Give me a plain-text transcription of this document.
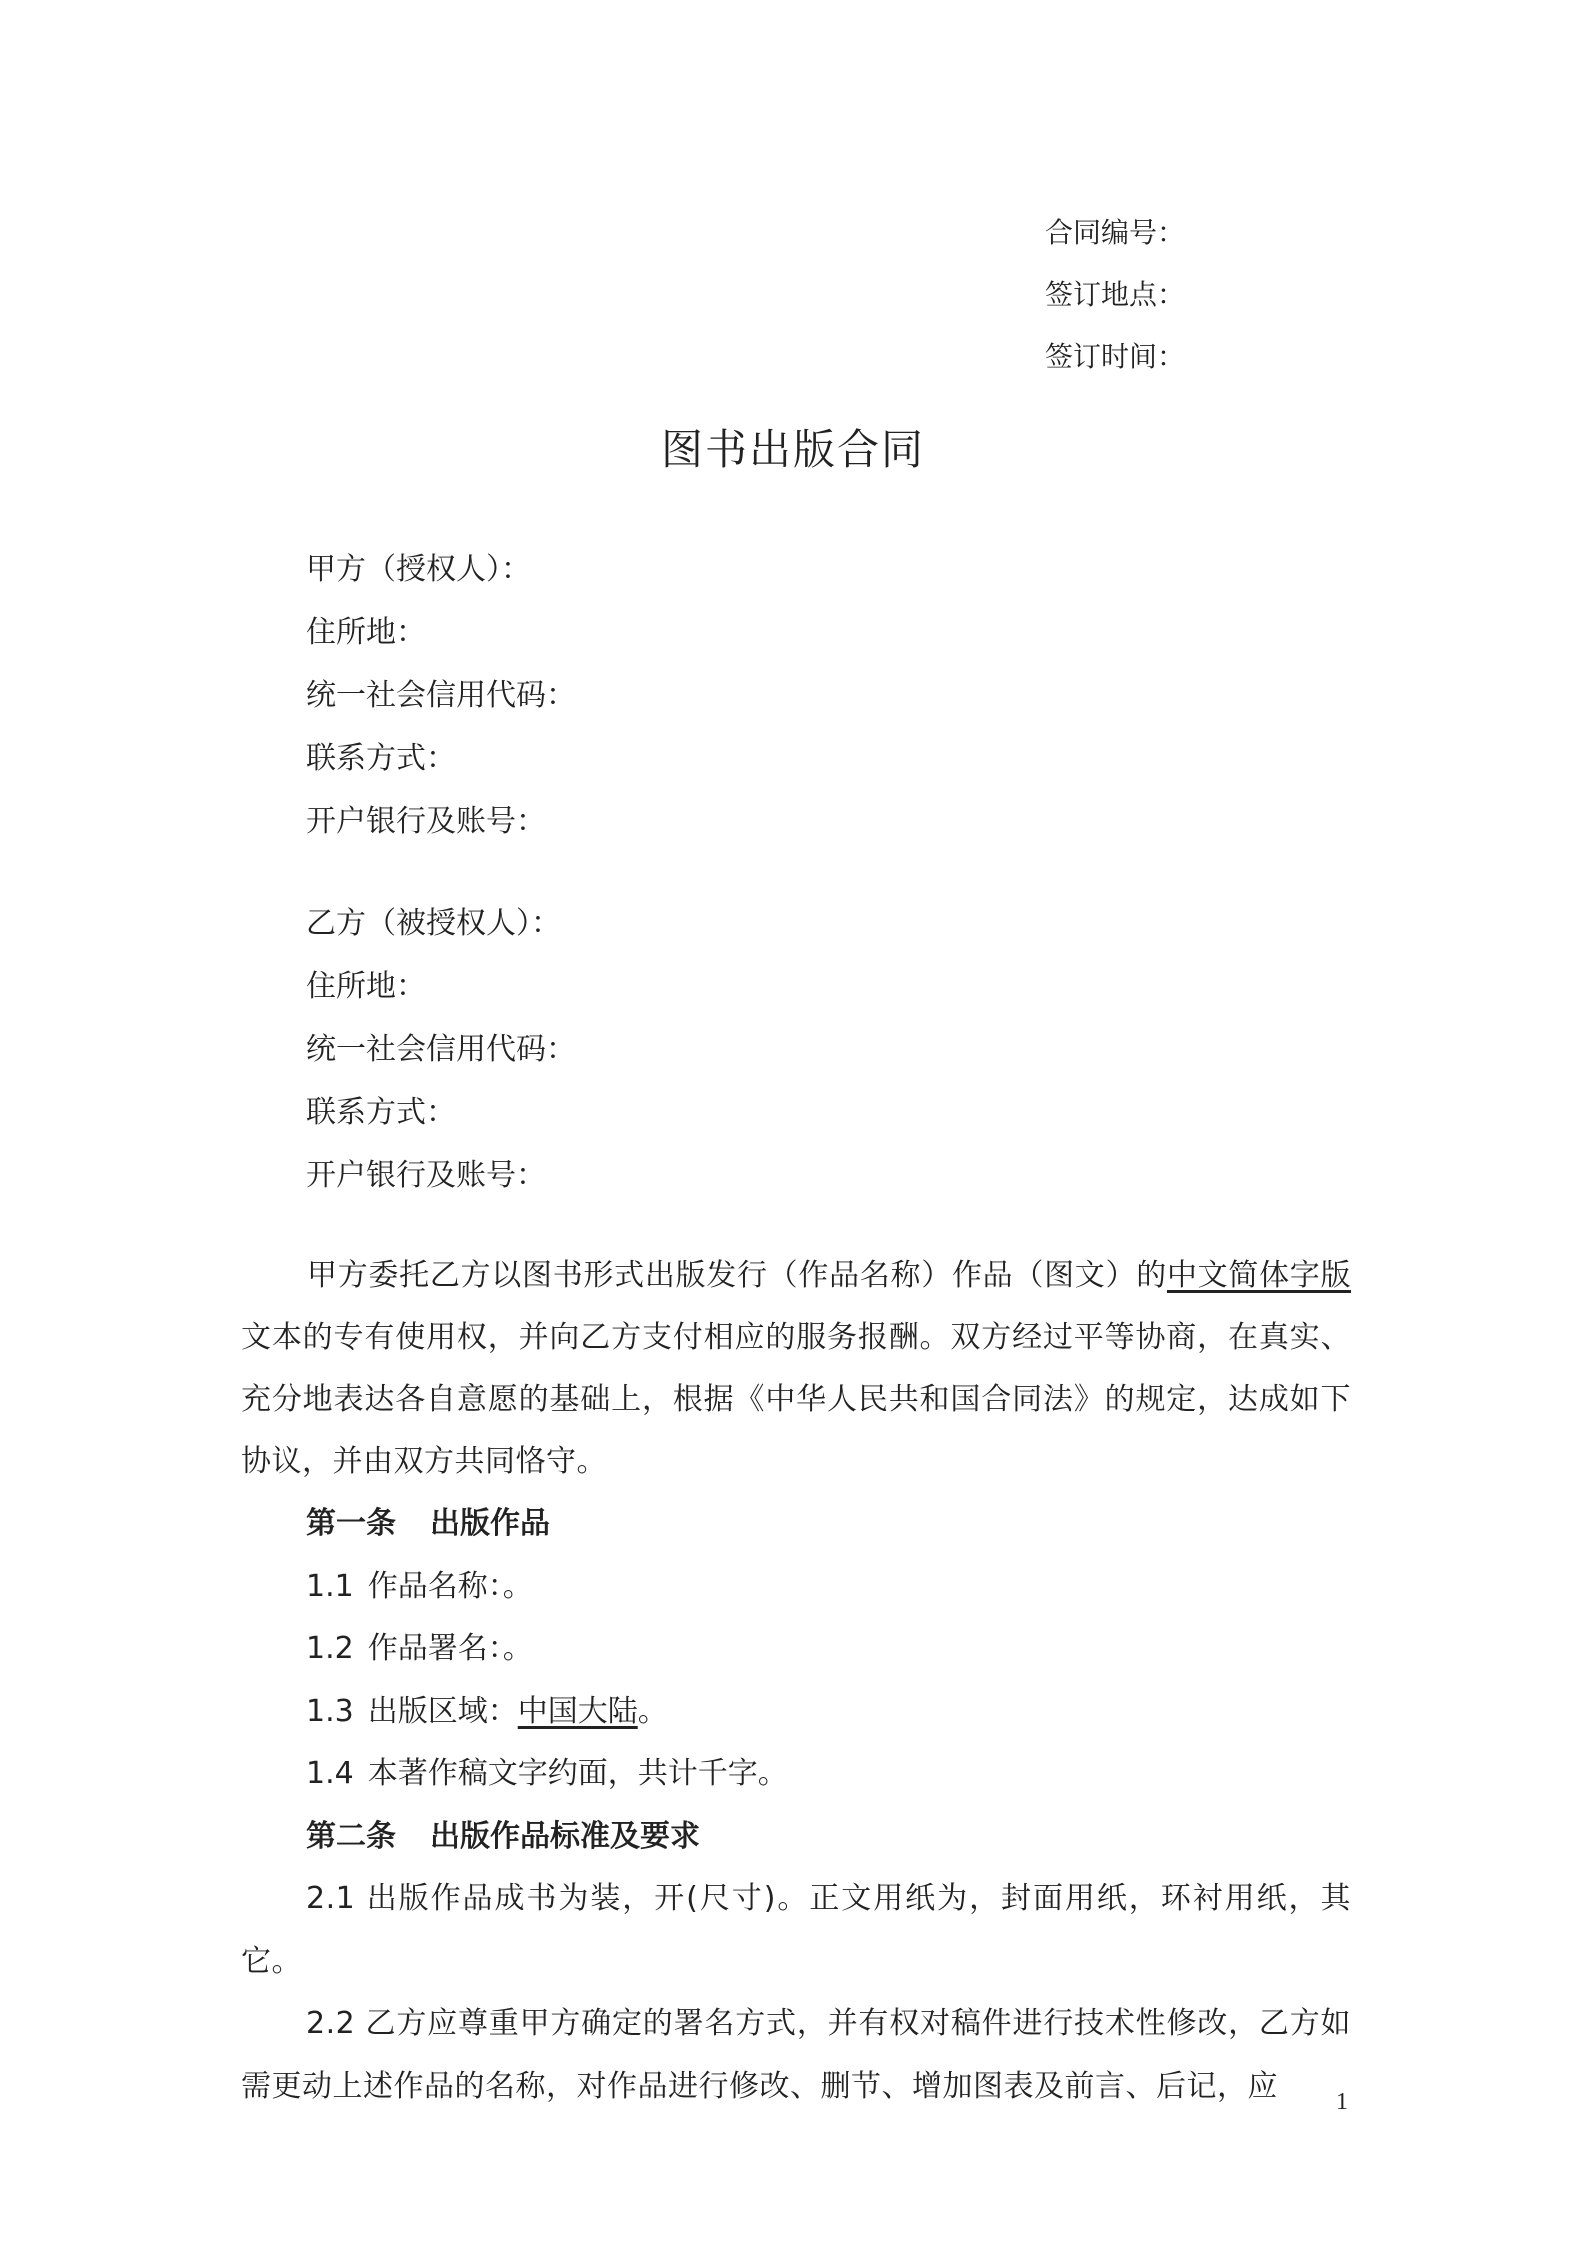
合同编号：
签订地点：
签订时间：
图书出版合同
甲方（授权人）：
住所地：
统一社会信用代码：
联系方式：
开户银行及账号：
乙方（被授权人）：
住所地：
统一社会信用代码：
联系方式：
开户银行及账号：

甲方委托乙方以图书形式出版发行（作品名称）作品（图文）的中文简体字版文本的专有使用权，并向乙方支付相应的服务报酬。双方经过平等协商，在真实、充分地表达各自意愿的基础上，根据《中华人民共和国合同法》的规定，达成如下协议，并由双方共同恪守。

第一条 出版作品
1.1 作品名称：。
1.2 作品署名：。
1.3 出版区域：中国大陆。
1.4 本著作稿文字约面，共计千字。
第二条 出版作品标准及要求

2.1 出版作品成书为装，开(尺寸)。正文用纸为，封面用纸，环衬用纸，其它。

2.2 乙方应尊重甲方确定的署名方式，并有权对稿件进行技术性修改，乙方如需更动上述作品的名称，对作品进行修改、删节、增加图表及前言、后记，应	1
